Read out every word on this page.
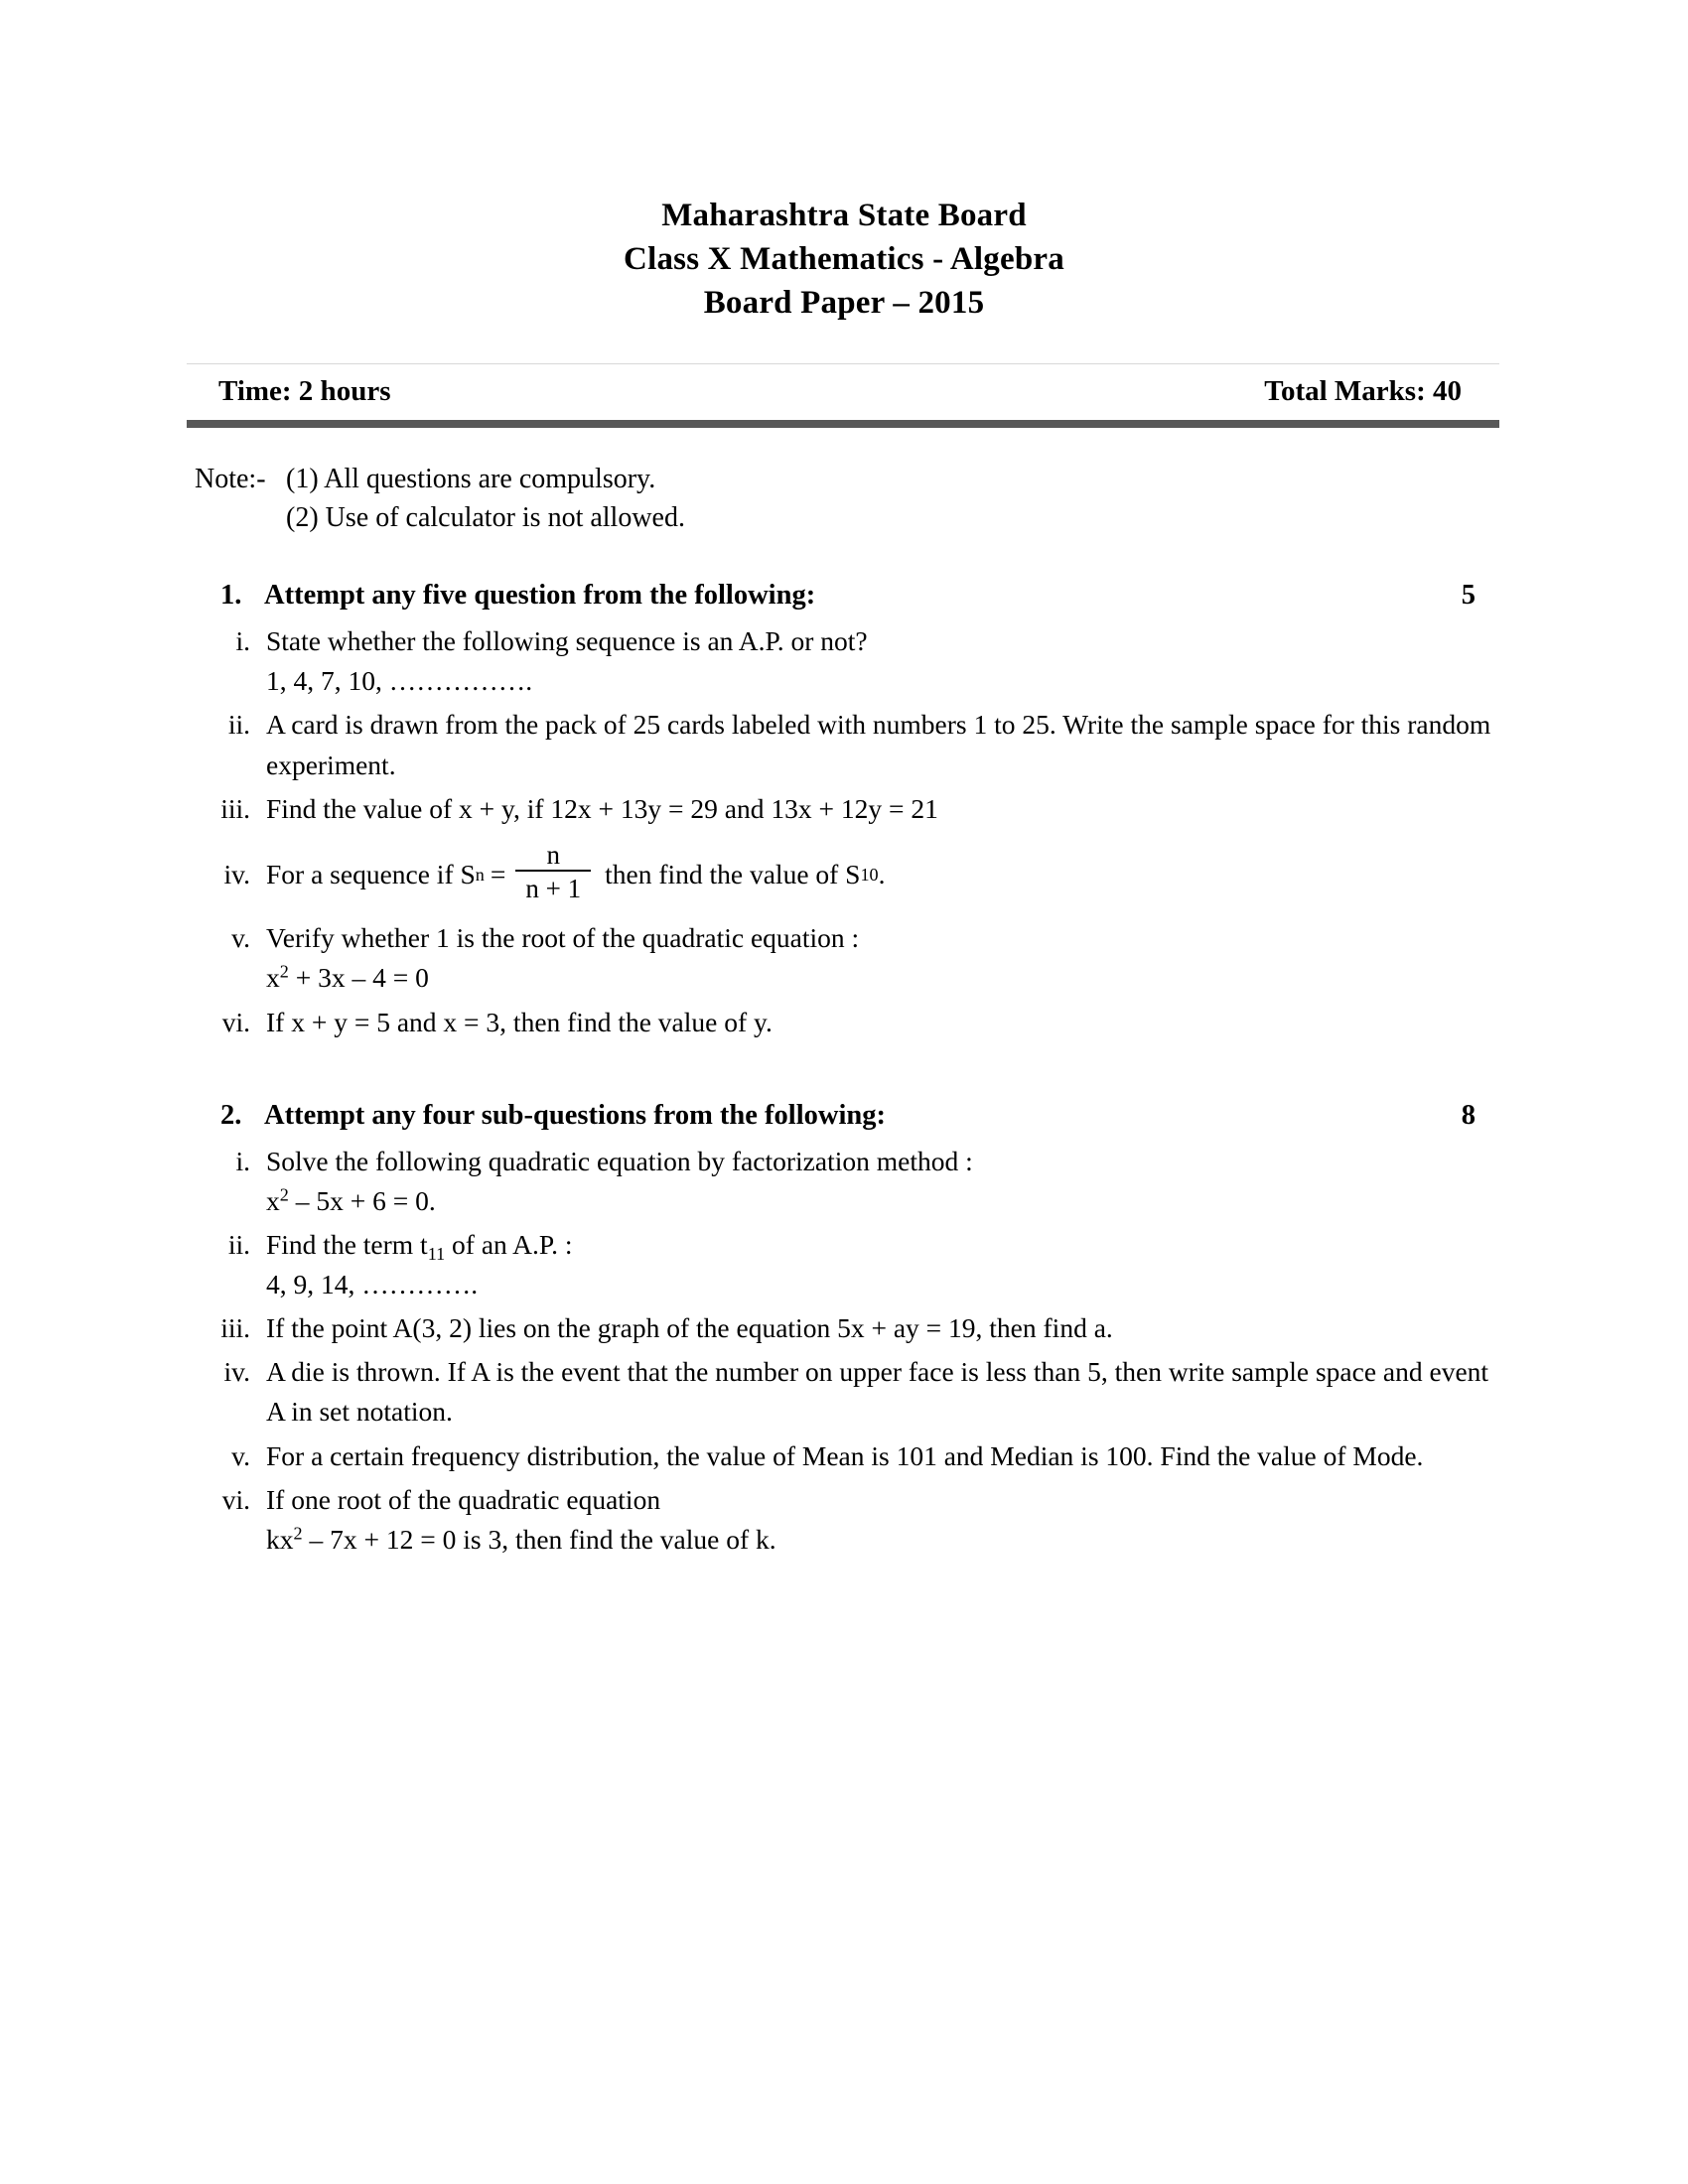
Maharashtra State Board
Class X Mathematics - Algebra
Board Paper – 2015
Time: 2 hours	Total Marks: 40
Note:- (1) All questions are compulsory.
(2) Use of calculator is not allowed.
1. Attempt any five question from the following:	5
i. State whether the following sequence is an A.P. or not?
1, 4, 7, 10, …………….
ii. A card is drawn from the pack of 25 cards labeled with numbers 1 to 25. Write the sample space for this random experiment.
iii. Find the value of x + y, if 12x + 13y = 29 and 13x + 12y = 21
iv. For a sequence if S $n = \frac{n}{n + 1}$ then find the value of S 10 .
v. Verify whether 1 is the root of the quadratic equation :
$x^2 + 3x - 4 = 0$
vi. If x + y = 5 and x = 3, then find the value of y.
2. Attempt any four sub-questions from the following:	8
i. Solve the following quadratic equation by factorization method :
$x^2 - 5x + 6 = 0$.
ii. Find the term $t_{11}$ of an A.P. :
4, 9, 14, ………….
iii. If the point A(3, 2) lies on the graph of the equation 5x + ay = 19, then find a.
iv. A die is thrown. If A is the event that the number on upper face is less than 5, then write sample space and event A in set notation.
v. For a certain frequency distribution, the value of Mean is 101 and Median is 100. Find the value of Mode.
vi. If one root of the quadratic equation
$kx^2 - 7x + 12 = 0$ is 3, then find the value of k.
